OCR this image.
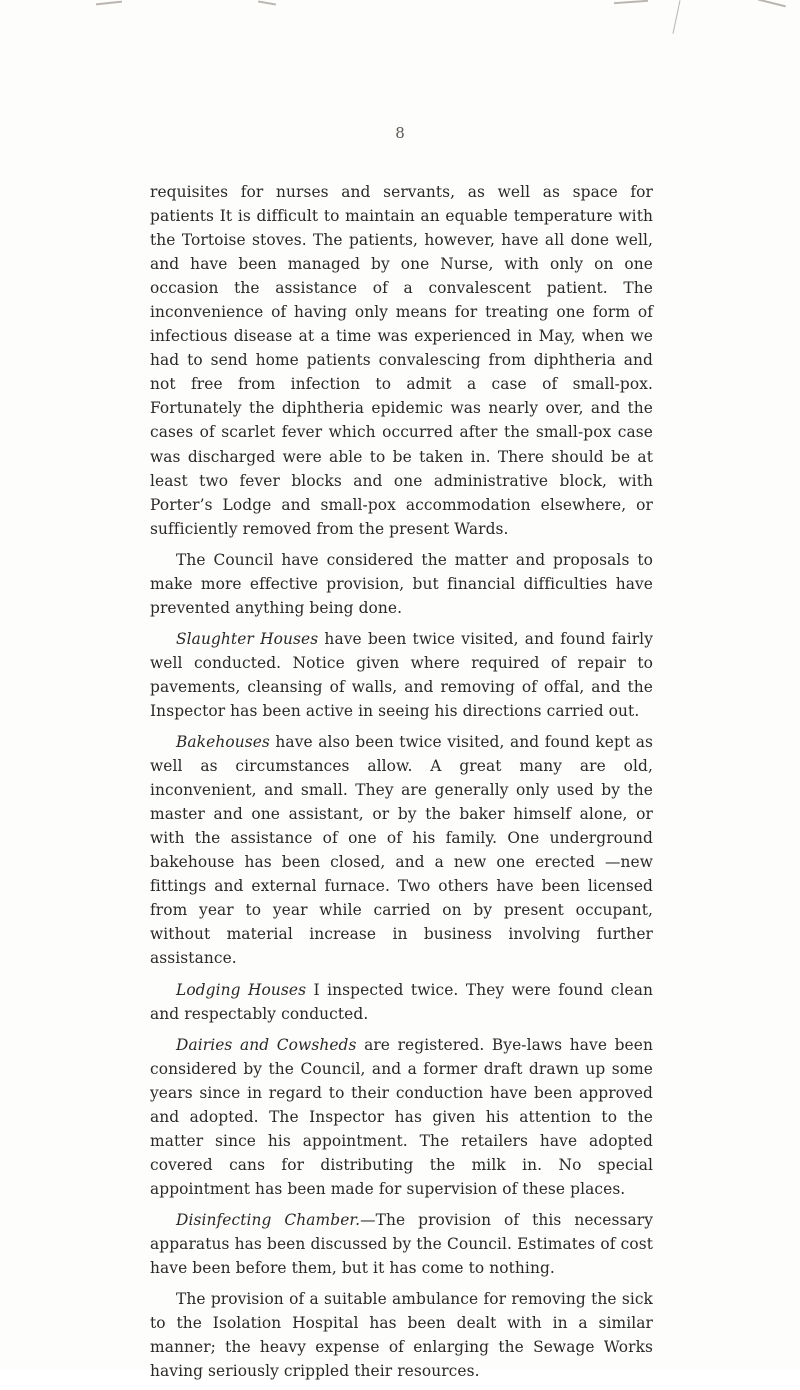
8

requisites for nurses and servants, as well as space for patients It is difficult to maintain an equable temperature with the Tortoise stoves. The patients, however, have all done well, and have been managed by one Nurse, with only on one occasion the assistance of a convalescent patient. The inconvenience of having only means for treating one form of infectious disease at a time was experienced in May, when we had to send home patients convalescing from diphtheria and not free from infection to admit a case of small-pox. Fortunately the diphtheria epidemic was nearly over, and the cases of scarlet fever which occurred after the small-pox case was discharged were able to be taken in. There should be at least two fever blocks and one administrative block, with Porter’s Lodge and small-pox accommodation elsewhere, or sufficiently removed from the present Wards.

The Council have considered the matter and proposals to make more effective provision, but financial difficulties have prevented anything being done.

Slaughter Houses have been twice visited, and found fairly well conducted. Notice given where required of repair to pavements, cleansing of walls, and removing of offal, and the Inspector has been active in seeing his directions carried out.

Bakehouses have also been twice visited, and found kept as well as circumstances allow. A great many are old, inconvenient, and small. They are generally only used by the master and one assistant, or by the baker himself alone, or with the assistance of one of his family. One underground bakehouse has been closed, and a new one erected —new fittings and external furnace. Two others have been licensed from year to year while carried on by present occupant, without material increase in business involving further assistance.

Lodging Houses I inspected twice. They were found clean and respectably conducted.

Dairies and Cowsheds are registered. Bye-laws have been considered by the Council, and a former draft drawn up some years since in regard to their conduction have been approved and adopted. The Inspector has given his attention to the matter since his appointment. The retailers have adopted covered cans for distributing the milk in. No special appointment has been made for supervision of these places.

Disinfecting Chamber.—The provision of this necessary apparatus has been discussed by the Council. Estimates of cost have been before them, but it has come to nothing.

The provision of a suitable ambulance for removing the sick to the Isolation Hospital has been dealt with in a similar manner; the heavy expense of enlarging the Sewage Works having seriously crippled their resources.
